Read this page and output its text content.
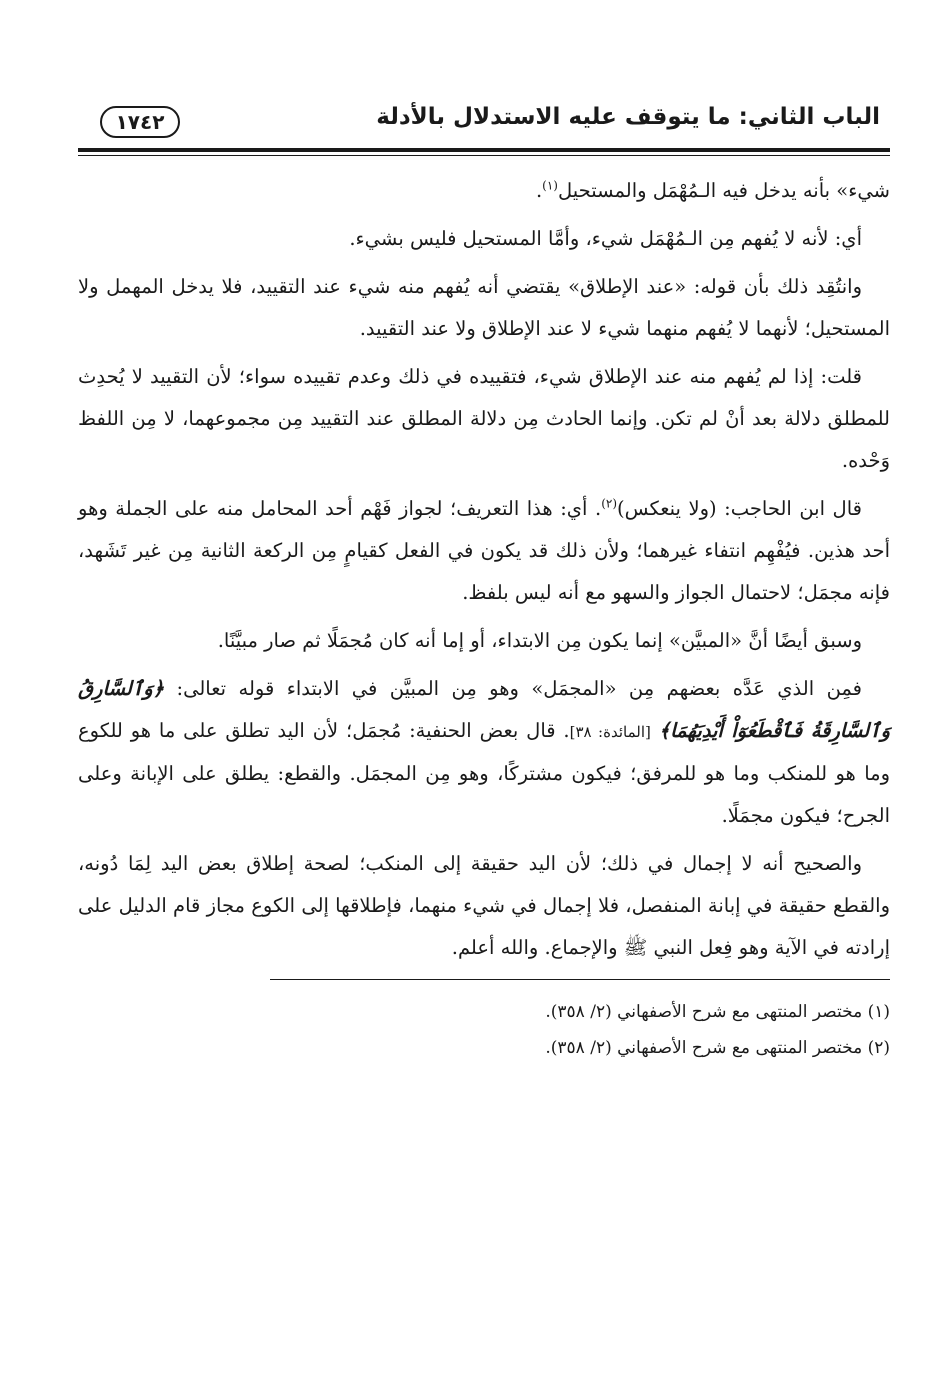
الباب الثاني: ما يتوقف عليه الاستدلال بالأدلة
١٧٤٢

شيء» بأنه يدخل فيه الـمُهْمَل والمستحيل$^{(١)}$.

أي: لأنه لا يُفهم مِن الـمُهْمَل شيء، وأمَّا المستحيل فليس بشيء.

وانتُقِد ذلك بأن قوله: «عند الإطلاق» يقتضي أنه يُفهم منه شيء عند التقييد، فلا يدخل المهمل ولا المستحيل؛ لأنهما لا يُفهم منهما شيء لا عند الإطلاق ولا عند التقييد.

قلت: إذا لم يُفهم منه عند الإطلاق شيء، فتقييده في ذلك وعدم تقييده سواء؛ لأن التقييد لا يُحدِث للمطلق دلالة بعد أنْ لم تكن. وإنما الحادث مِن دلالة المطلق عند التقييد مِن مجموعهما، لا مِن اللفظ وَحْده.

قال ابن الحاجب: (ولا ينعكس)$^{(٢)}$. أي: هذا التعريف؛ لجواز فَهْم أحد المحامل منه على الجملة وهو أحد هذين. فيُفْهِم انتفاء غيرهما؛ ولأن ذلك قد يكون في الفعل كقيامٍ مِن الركعة الثانية مِن غير تَشَهد، فإنه مجمَل؛ لاحتمال الجواز والسهو مع أنه ليس بلفظ.

وسبق أيضًا أنَّ «المبيَّن» إنما يكون مِن الابتداء، أو إما أنه كان مُجمَلًا ثم صار مبيَّنًا.

فمِن الذي عَدَّه بعضهم مِن «المجمَل» وهو مِن المبيَّن في الابتداء قوله تعالى: ﴿وَٱلسَّارِقُ وَٱلسَّارِقَةُ فَٱقْطَعُوٓاْ أَيْدِيَهُمَا﴾ [المائدة: ٣٨]. قال بعض الحنفية: مُجمَل؛ لأن اليد تطلق على ما هو للكوع وما هو للمنكب وما هو للمرفق؛ فيكون مشتركًا، وهو مِن المجمَل. والقطع: يطلق على الإبانة وعلى الجرح؛ فيكون مجمَلًا.

والصحيح أنه لا إجمال في ذلك؛ لأن اليد حقيقة إلى المنكب؛ لصحة إطلاق بعض اليد لِمَا دُونه، والقطع حقيقة في إبانة المنفصل، فلا إجمال في شيء منهما، فإطلاقها إلى الكوع مجاز قام الدليل على إرادته في الآية وهو فِعل النبي ﷺ والإجماع. والله أعلم.

(١) مختصر المنتهى مع شرح الأصفهاني (٢/ ٣٥٨).

(٢) مختصر المنتهى مع شرح الأصفهاني (٢/ ٣٥٨).
